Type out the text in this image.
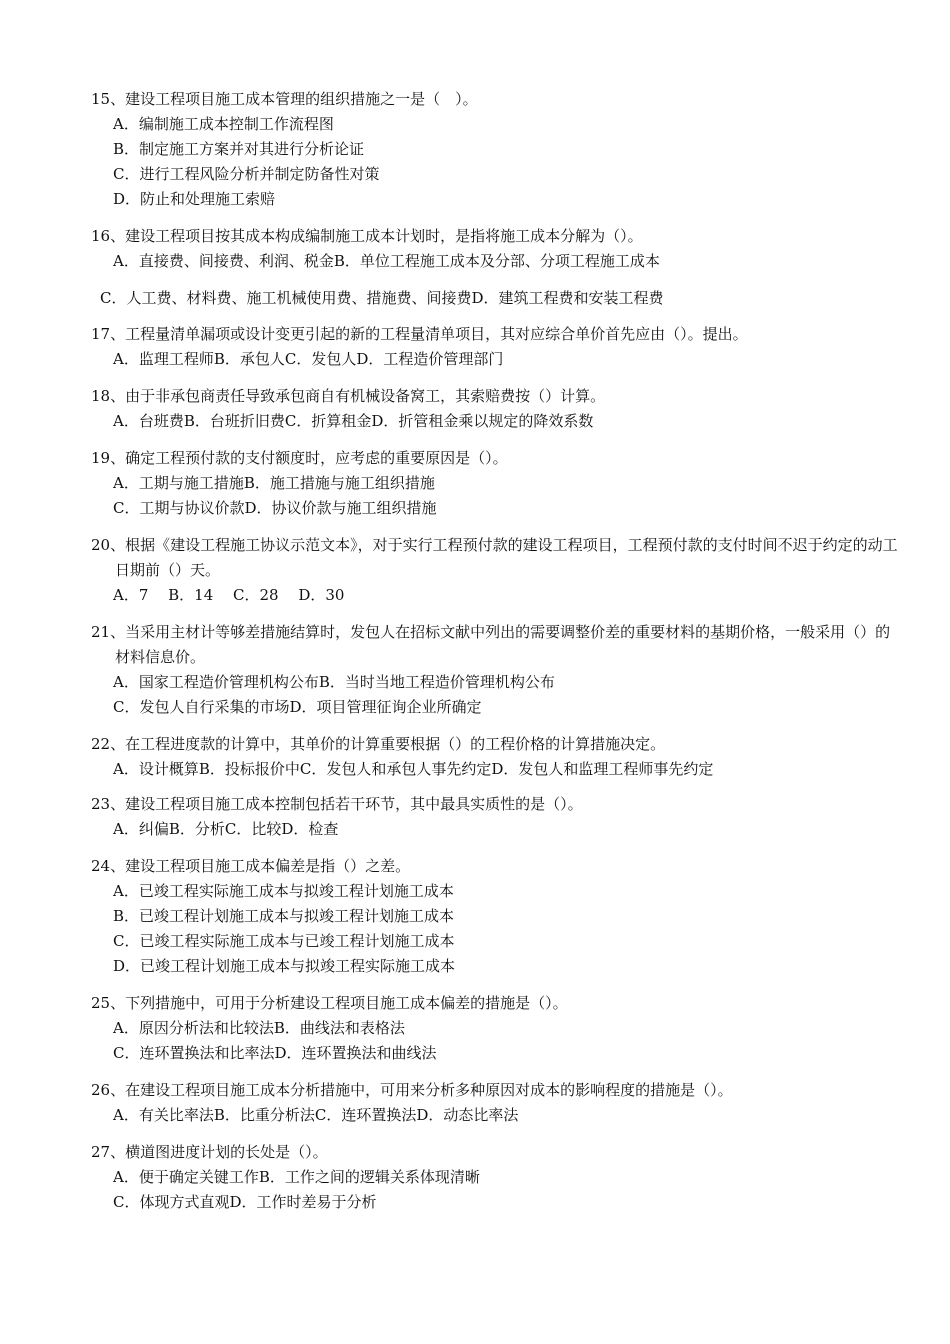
15、建设工程项目施工成本管理的组织措施之一是（　）。
A．编制施工成本控制工作流程图
B．制定施工方案并对其进行分析论证
C．进行工程风险分析并制定防备性对策
D．防止和处理施工索赔
16、建设工程项目按其成本构成编制施工成本计划时，是指将施工成本分解为（）。
A．直接费、间接费、利润、税金B．单位工程施工成本及分部、分项工程施工成本
C．人工费、材料费、施工机械使用费、措施费、间接费D．建筑工程费和安装工程费
17、工程量清单漏项或设计变更引起的新的工程量清单项目，其对应综合单价首先应由（）。提出。
A．监理工程师B．承包人C．发包人D．工程造价管理部门
18、由于非承包商责任导致承包商自有机械设备窝工，其索赔费按（）计算。
A．台班费B．台班折旧费C．折算租金D．折管租金乘以规定的降效系数
19、确定工程预付款的支付额度时，应考虑的重要原因是（）。
A．工期与施工措施B．施工措施与施工组织措施
C．工期与协议价款D．协议价款与施工组织措施
20、根据《建设工程施工协议示范文本》，对于实行工程预付款的建设工程项目，工程预付款的支付时间不迟于约定的动工日期前（）天。
A．7　 B．14　 C．28　 D．30
21、当采用主材计等够差措施结算时，发包人在招标文献中列出的需要调整价差的重要材料的基期价格，一般采用（）的材料信息价。
A．国家工程造价管理机构公布B．当时当地工程造价管理机构公布
C．发包人自行采集的市场D．项目管理征询企业所确定
22、在工程进度款的计算中，其单价的计算重要根据（）的工程价格的计算措施决定。
A．设计概算B．投标报价中C．发包人和承包人事先约定D．发包人和监理工程师事先约定
23、建设工程项目施工成本控制包括若干环节，其中最具实质性的是（）。
A．纠偏B．分析C．比较D．检查
24、建设工程项目施工成本偏差是指（）之差。
A．已竣工程实际施工成本与拟竣工程计划施工成本
B．已竣工程计划施工成本与拟竣工程计划施工成本
C．已竣工程实际施工成本与已竣工程计划施工成本
D．已竣工程计划施工成本与拟竣工程实际施工成本
25、下列措施中，可用于分析建设工程项目施工成本偏差的措施是（）。
A．原因分析法和比较法B．曲线法和表格法
C．连环置换法和比率法D．连环置换法和曲线法
26、在建设工程项目施工成本分析措施中，可用来分析多种原因对成本的影响程度的措施是（）。
A．有关比率法B．比重分析法C．连环置换法D．动态比率法
27、横道图进度计划的长处是（）。
A．便于确定关键工作B．工作之间的逻辑关系体现清晰
C．体现方式直观D．工作时差易于分析
